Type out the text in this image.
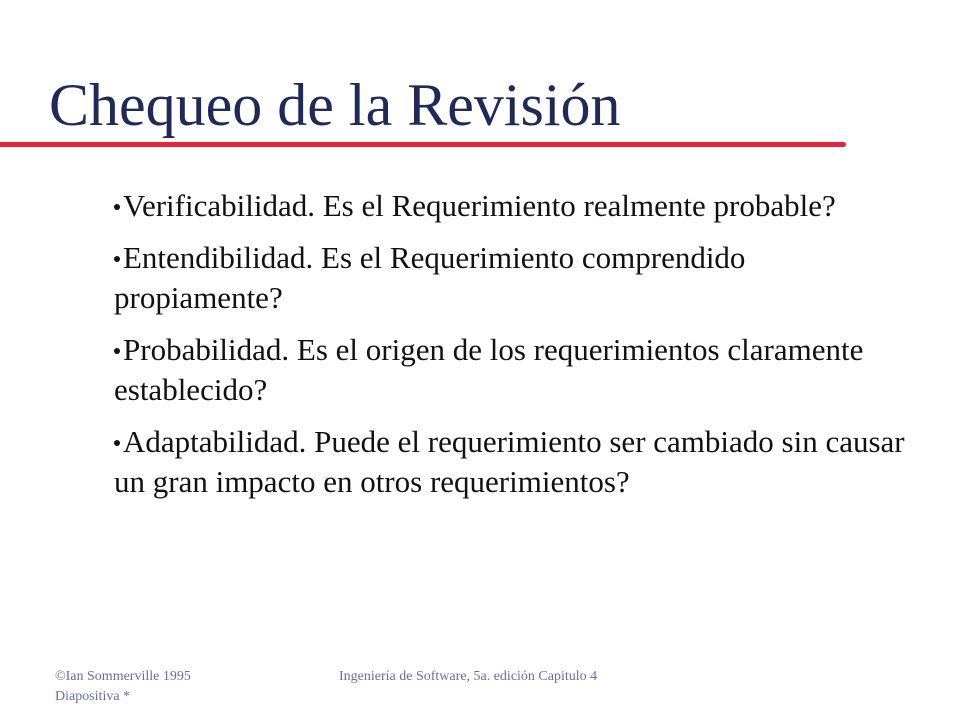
Chequeo de la Revisión
Verificabilidad. Es el Requerimiento realmente probable?
Entendibilidad. Es el Requerimiento comprendido propiamente?
Probabilidad. Es el origen de los requerimientos claramente establecido?
Adaptabilidad. Puede el requerimiento ser cambiado sin causar un gran impacto en otros requerimientos?
©Ian Sommerville 1995
Diapositiva *
Ingeniería de Software, 5a. edición Capitulo 4
